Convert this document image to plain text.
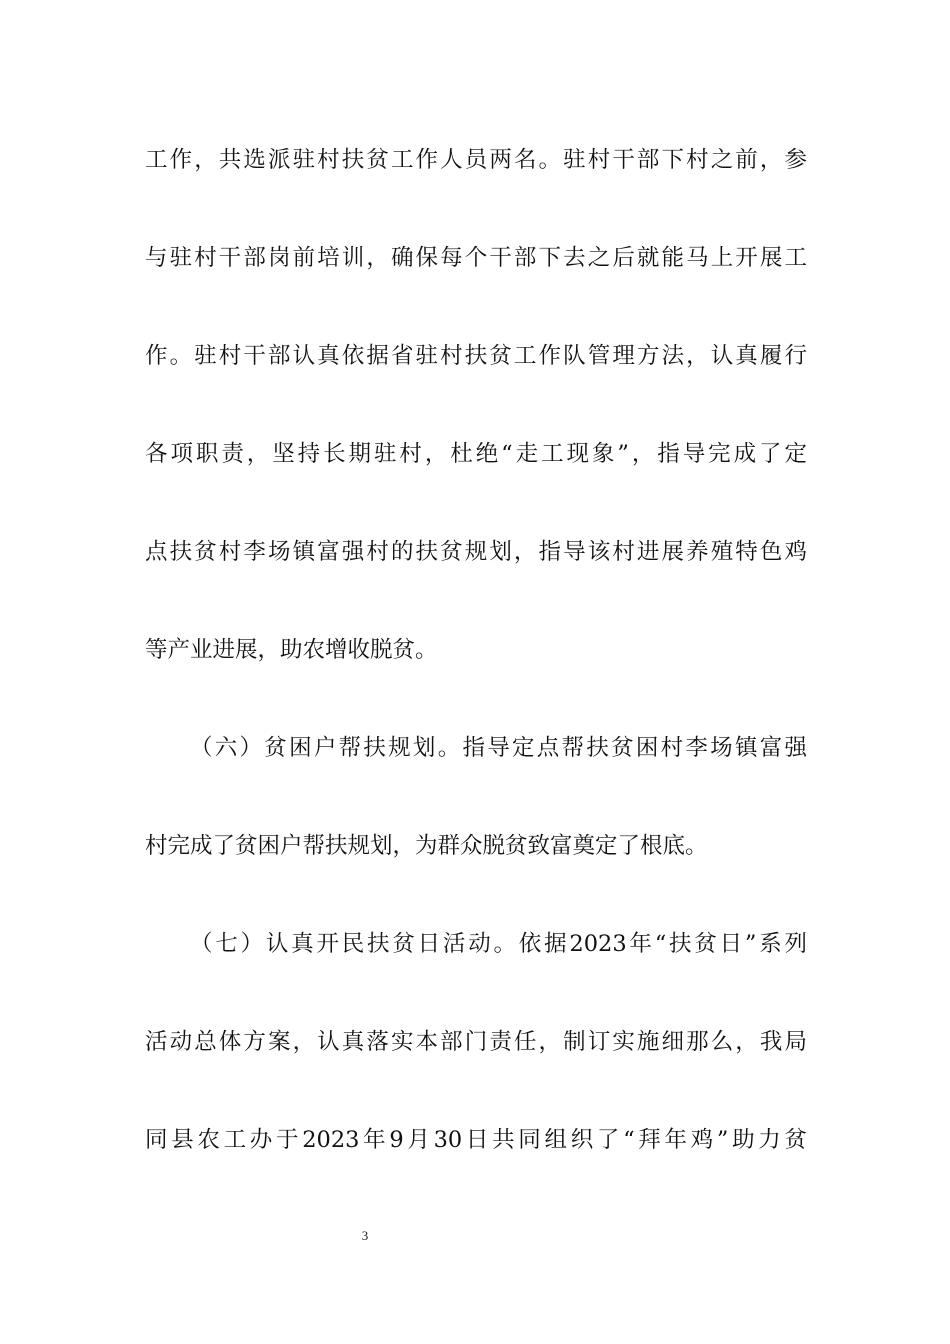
工作，共选派驻村扶贫工作人员两名。驻村干部下村之前，参
与驻村干部岗前培训，确保每个干部下去之后就能马上开展工
作。驻村干部认真依据省驻村扶贫工作队管理方法，认真履行
各项职责，坚持长期驻村，杜绝“走工现象”，指导完成了定
点扶贫村李场镇富强村的扶贫规划，指导该村进展养殖特色鸡
等产业进展，助农增收脱贫。
（六）贫困户帮扶规划。指导定点帮扶贫困村李场镇富强
村完成了贫困户帮扶规划，为群众脱贫致富奠定了根底。
（七）认真开民扶贫日活动。依据2023年“扶贫日”系列
活动总体方案，认真落实本部门责任，制订实施细那么，我局
同县农工办于2023年9月30日共同组织了“拜年鸡”助力贫
3
